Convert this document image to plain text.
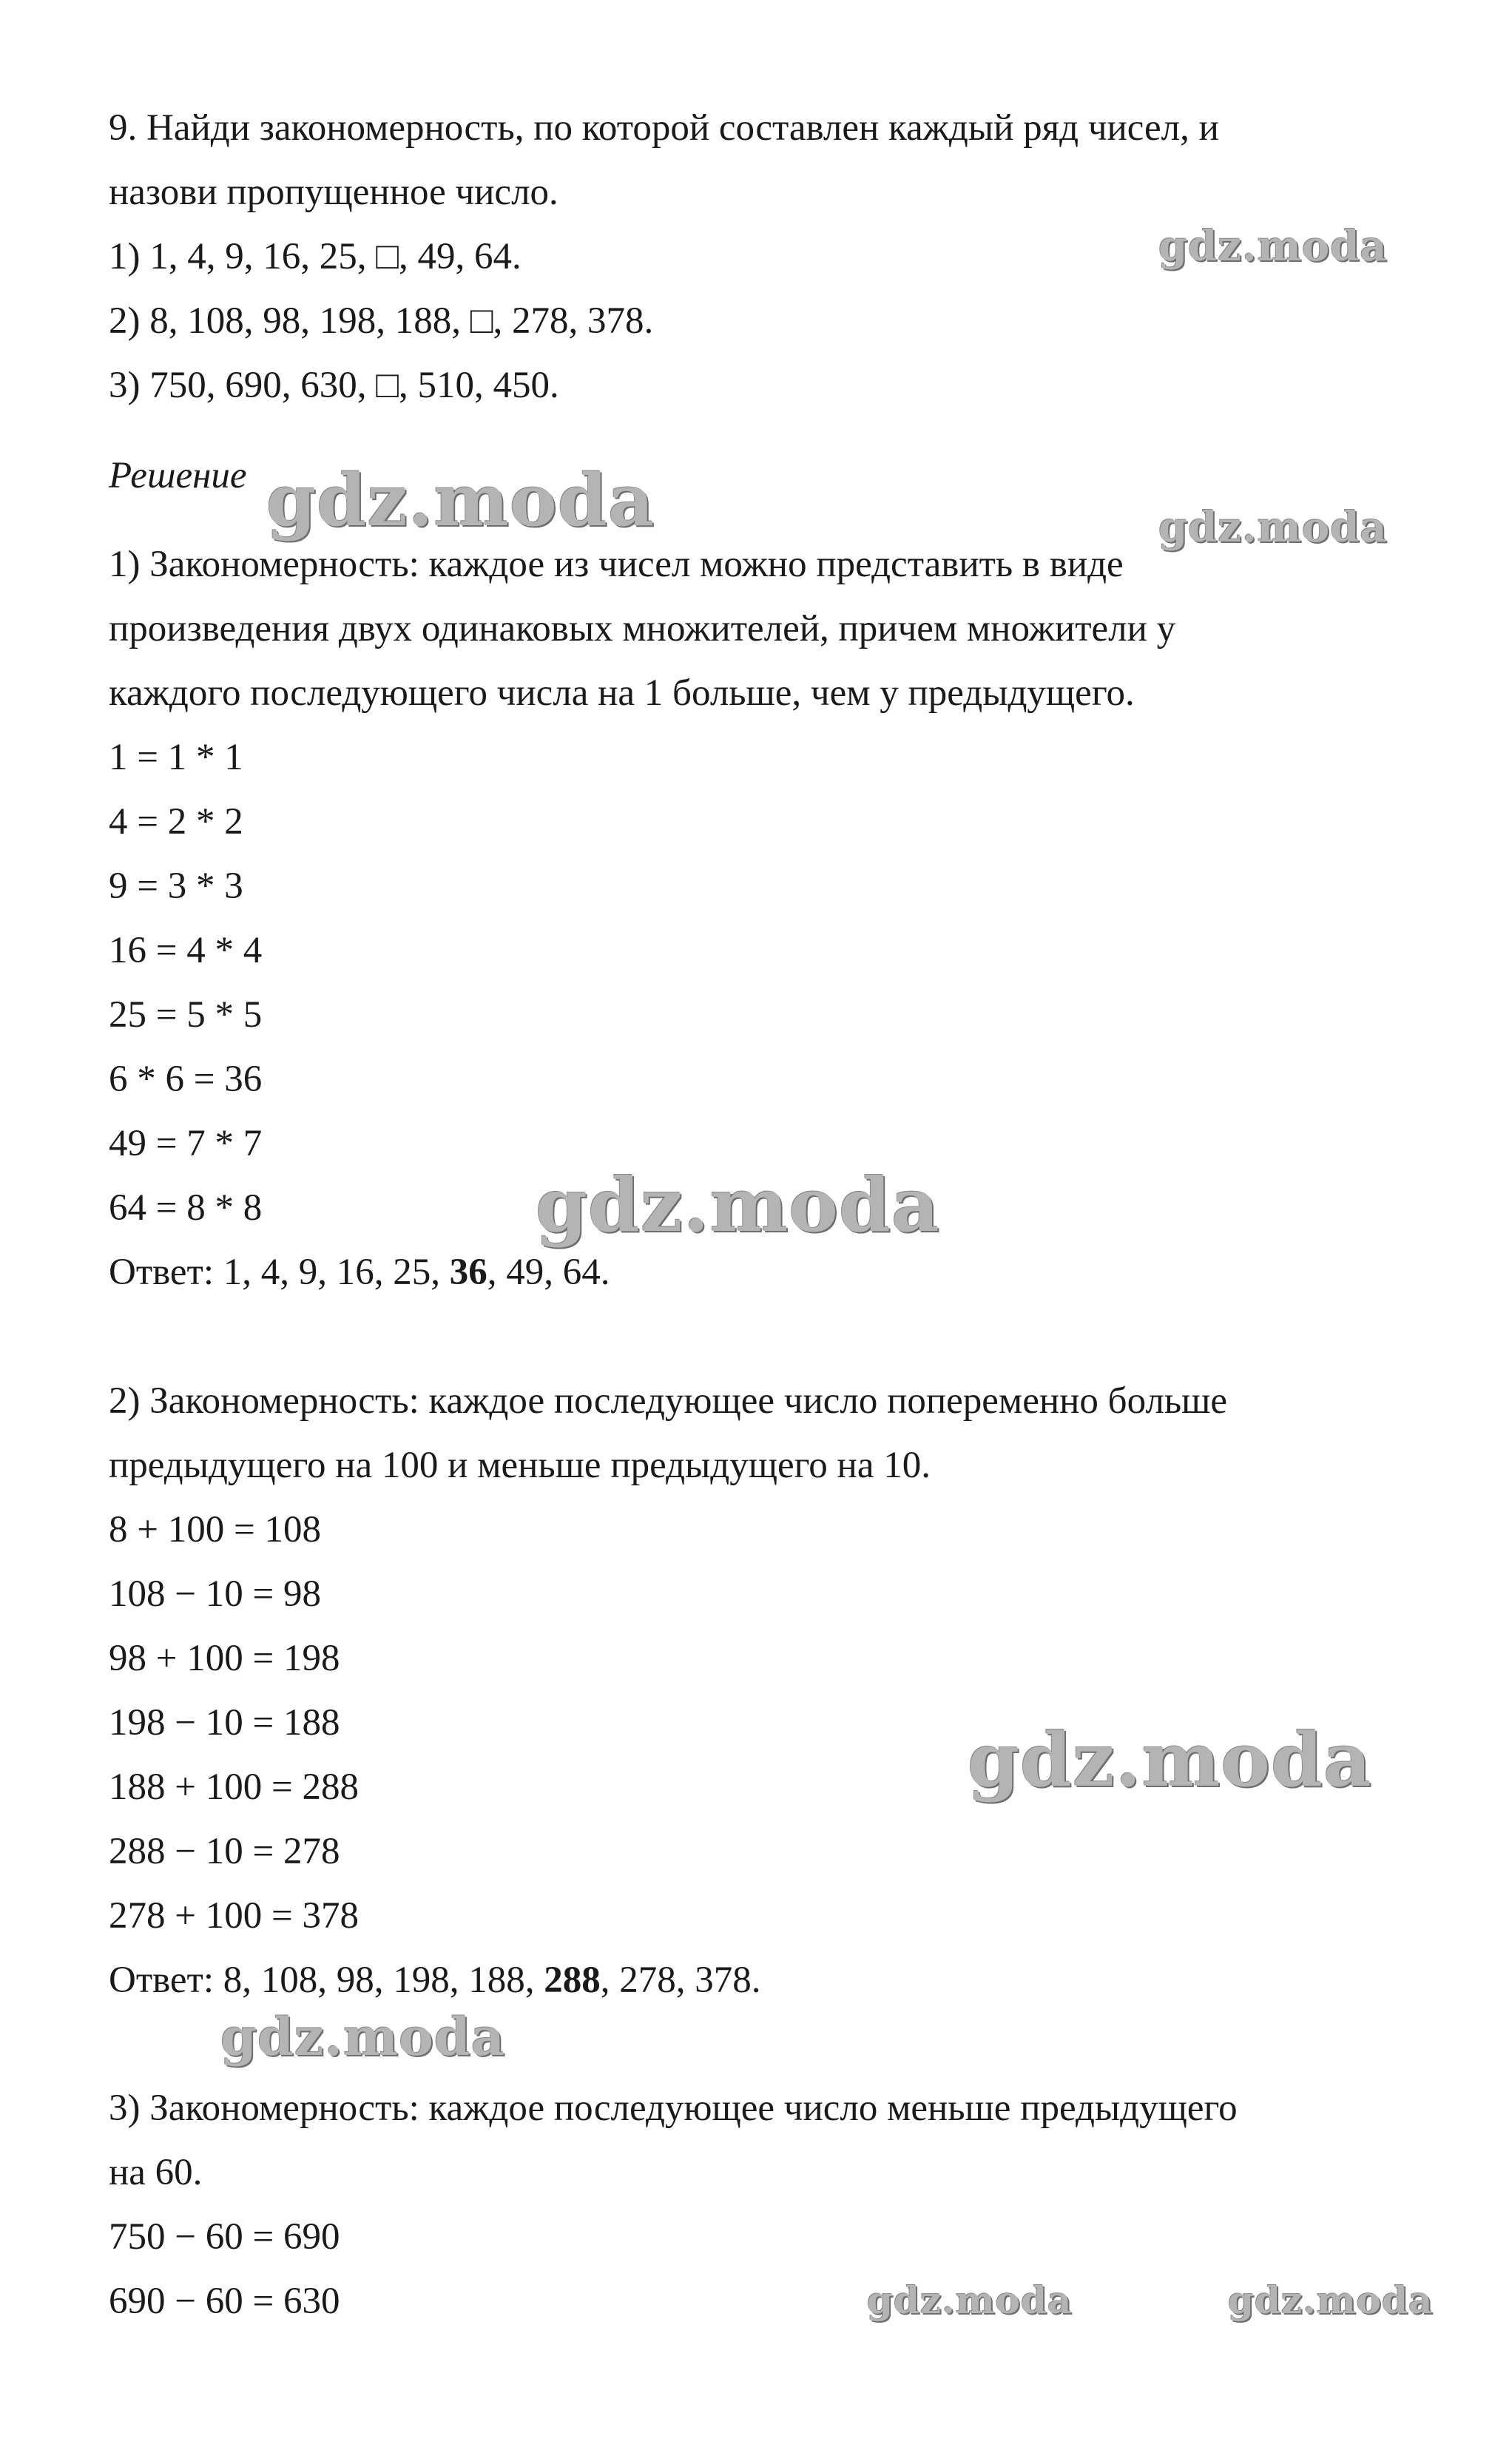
9. Найди закономерность, по которой составлен каждый ряд чисел, и

назови пропущенное число.

1) 1, 4, 9, 16, 25, □, 49, 64.

2) 8, 108, 98, 198, 188, □, 278, 378.

3) 750, 690, 630, □, 510, 450.

Решение

1) Закономерность: каждое из чисел можно представить в виде

произведения двух одинаковых множителей, причем множители у

каждого последующего числа на 1 больше, чем у предыдущего.

1 = 1 * 1

4 = 2 * 2

9 = 3 * 3

16 = 4 * 4

25 = 5 * 5

6 * 6 = 36

49 = 7 * 7

64 = 8 * 8

Ответ: 1, 4, 9, 16, 25, 36, 49, 64.

2) Закономерность: каждое последующее число попеременно больше

предыдущего на 100 и меньше предыдущего на 10.

8 + 100 = 108

108 − 10 = 98

98 + 100 = 198

198 − 10 = 188

188 + 100 = 288

288 − 10 = 278

278 + 100 = 378

Ответ: 8, 108, 98, 198, 188, 288, 278, 378.

3) Закономерность: каждое последующее число меньше предыдущего

на 60.

750 − 60 = 690

690 − 60 = 630

gdz.moda
gdz.moda	gdz.moda
gdz.moda
gdz.moda
gdz.moda
gdz.moda	gdz.moda
